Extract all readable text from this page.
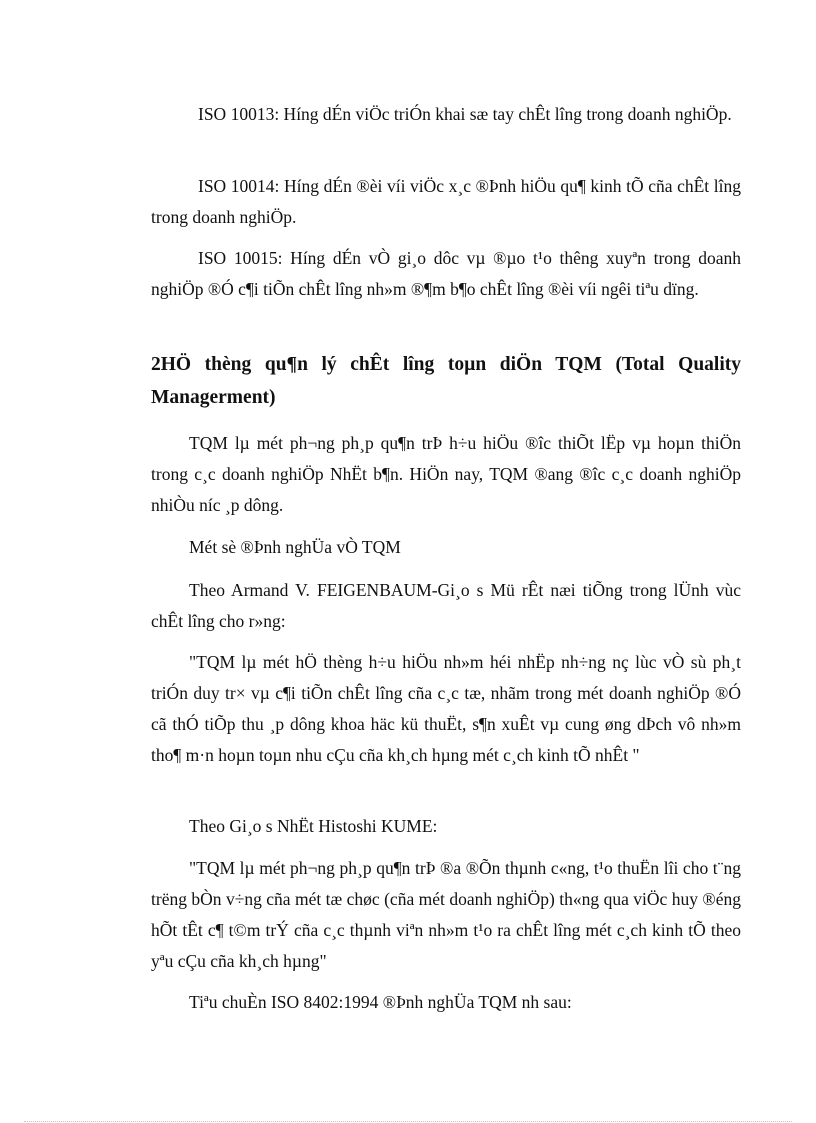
ISO 10013: Híng dÉn viÖc triÓn khai sæ tay chÊt lîng trong doanh nghiÖp.

ISO 10014: Híng dÉn ®èi víi viÖc x¸c ®Þnh hiÖu qu¶ kinh tÕ cña chÊt lîng trong doanh nghiÖp.

ISO 10015: Híng dÉn vÒ gi¸o dôc vµ ®µo t¹o thêng xuyªn trong doanh nghiÖp ®Ó c¶i tiÕn chÊt lîng nh»m ®¶m b¶o chÊt lîng ®èi víi ngêi tiªu dïng.

2HÖ thèng qu¶n lý chÊt lîng toµn diÖn TQM (Total Quality Managerment)

TQM lµ mét ph¬ng ph¸p qu¶n trÞ h÷u hiÖu ®îc thiÕt lËp vµ hoµn thiÖn trong c¸c doanh nghiÖp NhËt b¶n. HiÖn nay, TQM ®ang ®îc c¸c doanh nghiÖp nhiÒu níc ¸p dông.

Mét sè ®Þnh nghÜa vÒ TQM

Theo Armand V. FEIGENBAUM-Gi¸o s Mü rÊt næi tiÕng trong lÜnh vùc chÊt lîng cho r»ng:

"TQM lµ mét hÖ thèng h÷u hiÖu nh»m héi nhËp nh÷ng nç lùc vÒ sù ph¸t triÓn duy tr× vµ c¶i tiÕn chÊt lîng cña c¸c tæ, nhãm trong mét doanh nghiÖp ®Ó cã thÓ tiÕp thu ¸p dông khoa häc kü thuËt, s¶n xuÊt vµ cung øng dÞch vô nh»m tho¶ m·n hoµn toµn nhu cÇu cña kh¸ch hµng mét c¸ch kinh tÕ nhÊt "

Theo Gi¸o s NhËt Histoshi KUME:

"TQM lµ mét ph¬ng ph¸p qu¶n trÞ ®a ®Õn thµnh c«ng, t¹o thuËn lîi cho t¨ng trëng bÒn v÷ng cña mét tæ chøc (cña mét doanh nghiÖp) th«ng qua viÖc huy ®éng hÕt tÊt c¶ t©m trÝ cña c¸c thµnh viªn nh»m t¹o ra chÊt lîng mét c¸ch kinh tÕ theo yªu cÇu cña kh¸ch hµng"

Tiªu chuÈn ISO 8402:1994 ®Þnh nghÜa TQM nh sau:
